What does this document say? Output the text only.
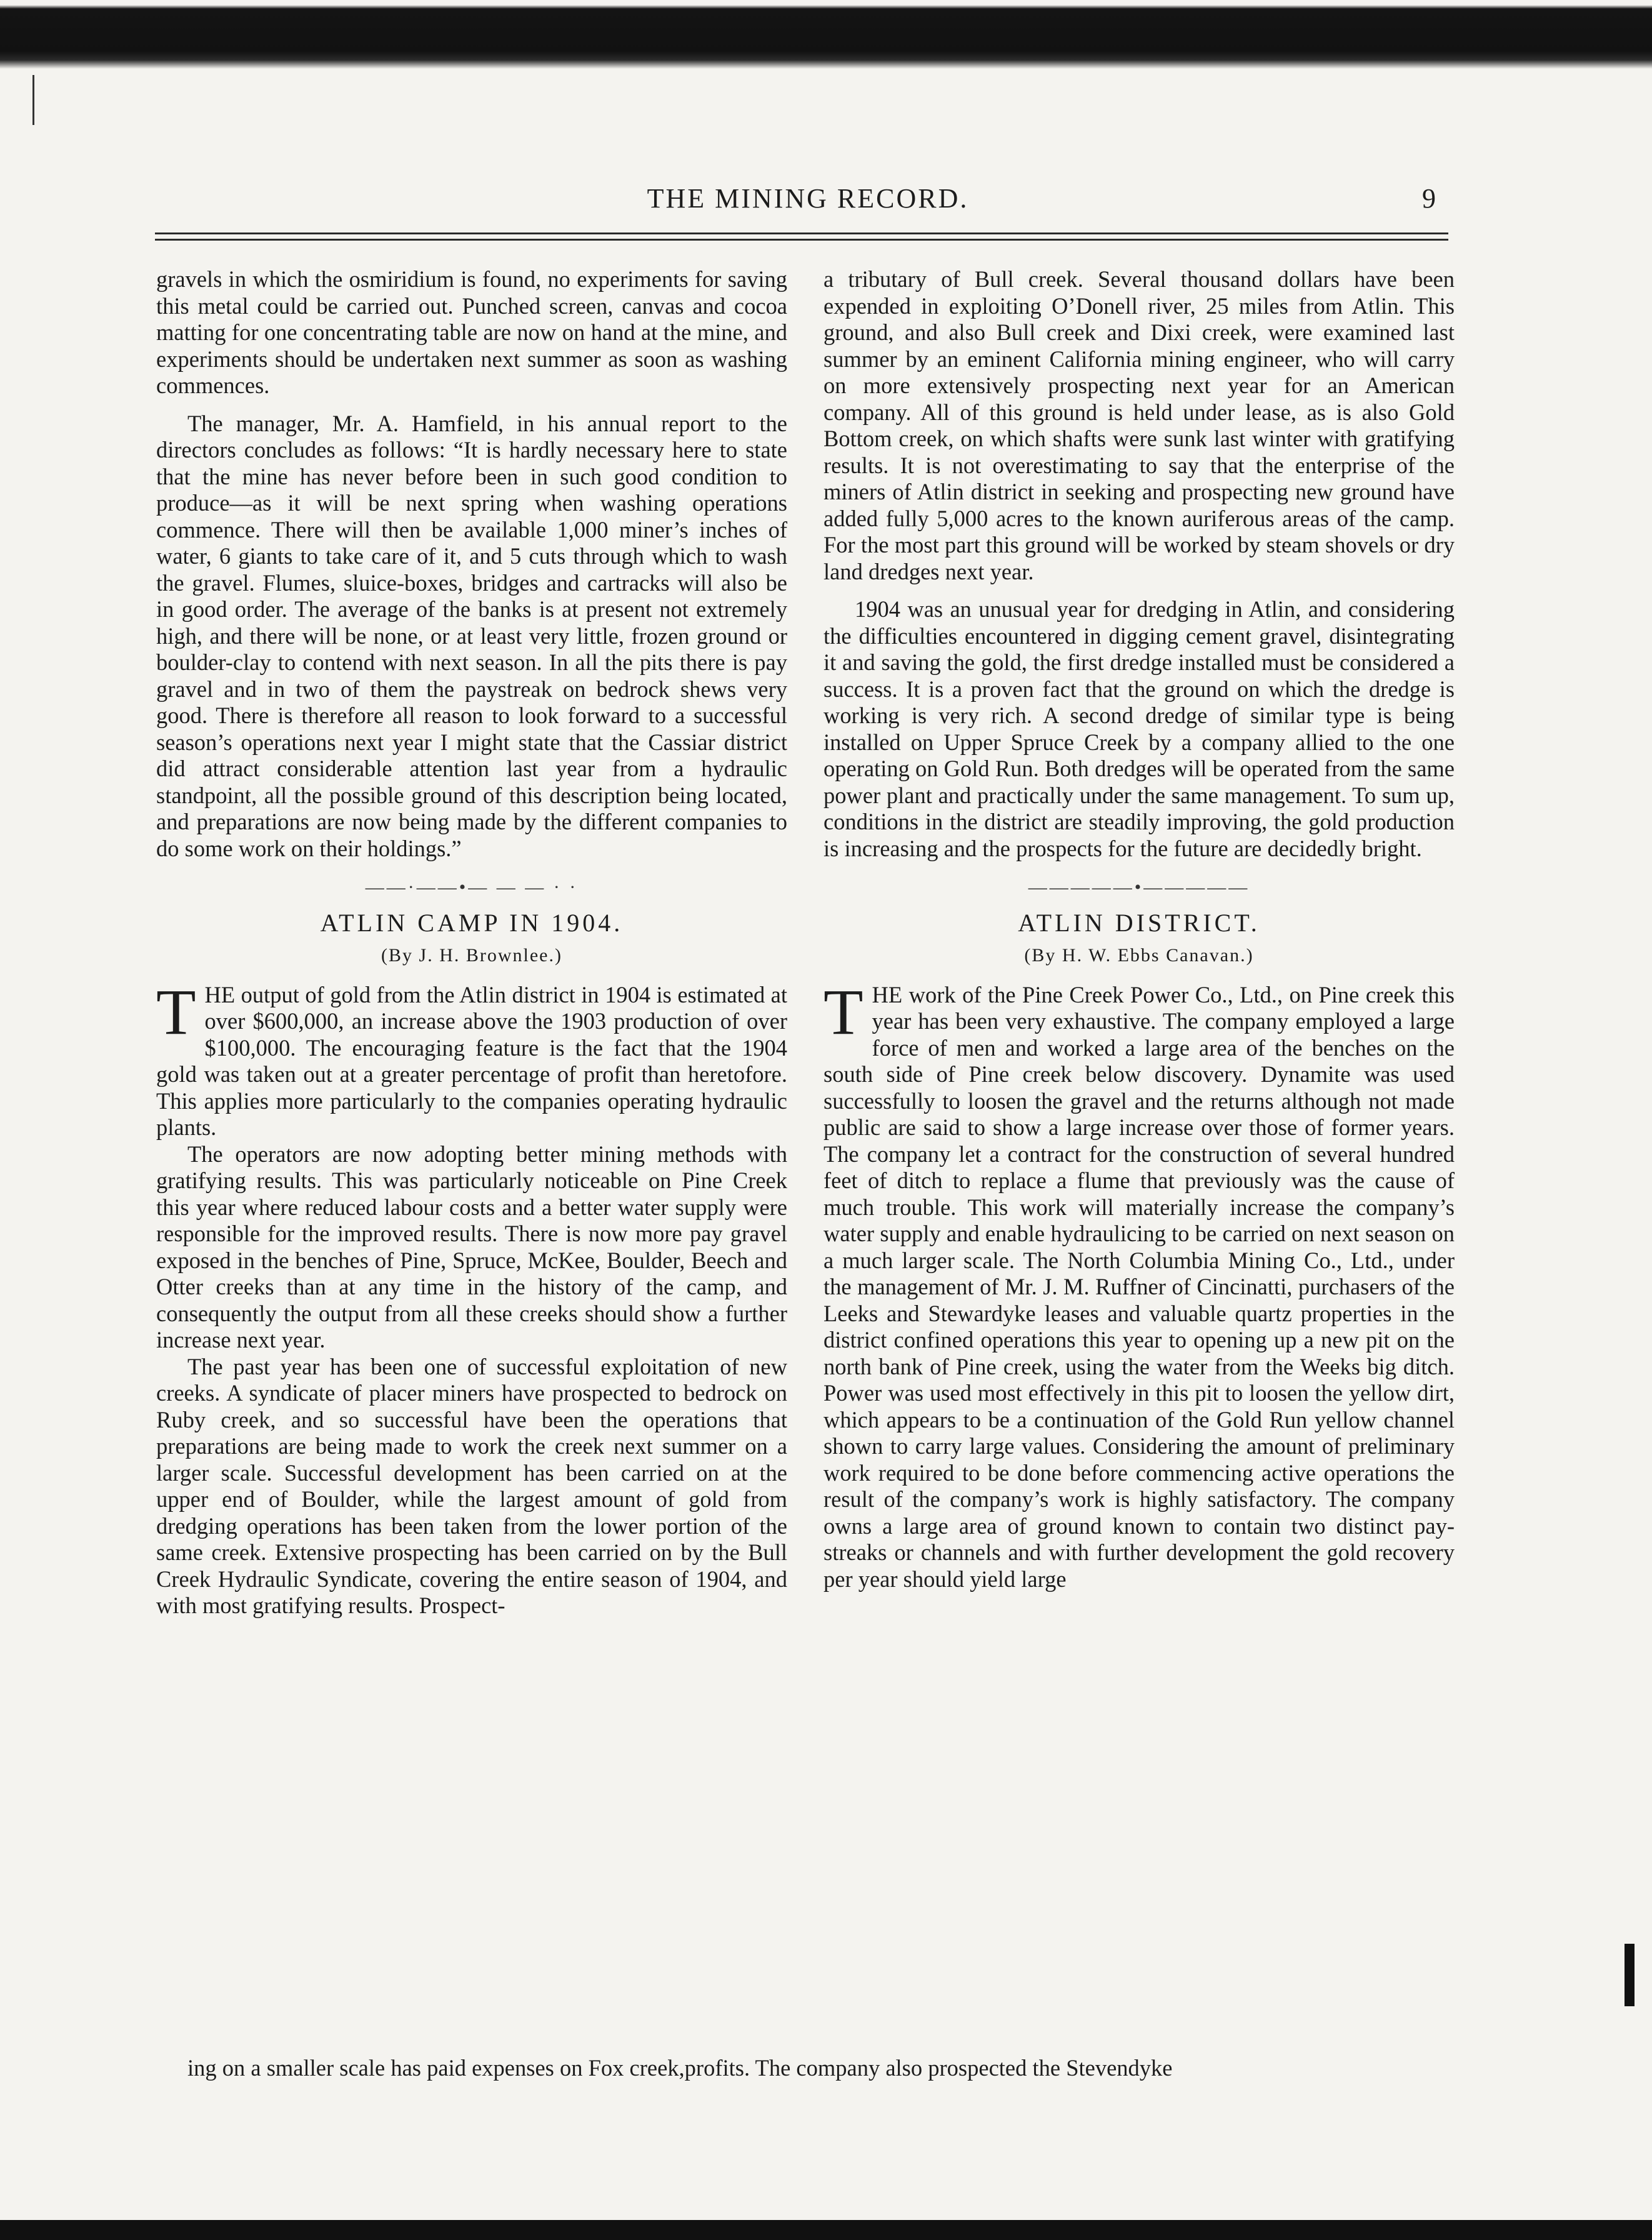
THE MINING RECORD.	9

gravels in which the osmiridium is found, no experiments for saving this metal could be carried out. Punched screen, canvas and cocoa matting for one concentrating table are now on hand at the mine, and experiments should be undertaken next summer as soon as washing commences.

The manager, Mr. A. Hamfield, in his annual report to the directors concludes as follows: “It is hardly necessary here to state that the mine has never before been in such good condition to produce—as it will be next spring when washing operations commence. There will then be available 1,000 miner’s inches of water, 6 giants to take care of it, and 5 cuts through which to wash the gravel. Flumes, sluice-boxes, bridges and cartracks will also be in good order. The average of the banks is at present not extremely high, and there will be none, or at least very little, frozen ground or boulder-clay to contend with next season. In all the pits there is pay gravel and in two of them the paystreak on bedrock shews very good. There is therefore all reason to look forward to a successful season’s operations next year I might state that the Cassiar district did attract considerable attention last year from a hydraulic standpoint, all the possible ground of this description being located, and preparations are now being made by the different companies to do some work on their holdings.”

——·——•— — — · ·
ATLIN CAMP IN 1904.
(By J. H. Brownlee.)

THE output of gold from the Atlin district in 1904 is estimated at over $600,000, an increase above the 1903 production of over $100,000. The encouraging feature is the fact that the 1904 gold was taken out at a greater percentage of profit than heretofore. This applies more particularly to the companies operating hydraulic plants.

The operators are now adopting better mining methods with gratifying results. This was particularly noticeable on Pine Creek this year where reduced labour costs and a better water supply were responsible for the improved results. There is now more pay gravel exposed in the benches of Pine, Spruce, McKee, Boulder, Beech and Otter creeks than at any time in the history of the camp, and consequently the output from all these creeks should show a further increase next year.

The past year has been one of successful exploitation of new creeks. A syndicate of placer miners have prospected to bedrock on Ruby creek, and so successful have been the operations that preparations are being made to work the creek next summer on a larger scale. Successful development has been carried on at the upper end of Boulder, while the largest amount of gold from dredging operations has been taken from the lower portion of the same creek. Extensive prospecting has been carried on by the Bull Creek Hydraulic Syndicate, covering the entire season of 1904, and with most gratifying results. Prospect-

a tributary of Bull creek. Several thousand dollars have been expended in exploiting O’Donell river, 25 miles from Atlin. This ground, and also Bull creek and Dixi creek, were examined last summer by an eminent California mining engineer, who will carry on more extensively prospecting next year for an American company. All of this ground is held under lease, as is also Gold Bottom creek, on which shafts were sunk last winter with gratifying results. It is not overestimating to say that the enterprise of the miners of Atlin district in seeking and prospecting new ground have added fully 5,000 acres to the known auriferous areas of the camp. For the most part this ground will be worked by steam shovels or dry land dredges next year.

1904 was an unusual year for dredging in Atlin, and considering the difficulties encountered in digging cement gravel, disintegrating it and saving the gold, the first dredge installed must be considered a success. It is a proven fact that the ground on which the dredge is working is very rich. A second dredge of similar type is being installed on Upper Spruce Creek by a company allied to the one operating on Gold Run. Both dredges will be operated from the same power plant and practically under the same management. To sum up, conditions in the district are steadily improving, the gold production is increasing and the prospects for the future are decidedly bright.

—————•—————
ATLIN DISTRICT.
(By H. W. Ebbs Canavan.)

THE work of the Pine Creek Power Co., Ltd., on Pine creek this year has been very exhaustive. The company employed a large force of men and worked a large area of the benches on the south side of Pine creek below discovery. Dynamite was used successfully to loosen the gravel and the returns although not made public are said to show a large increase over those of former years. The company let a contract for the construction of several hundred feet of ditch to replace a flume that previously was the cause of much trouble. This work will materially increase the company’s water supply and enable hydraulicing to be carried on next season on a much larger scale. The North Columbia Mining Co., Ltd., under the management of Mr. J. M. Ruffner of Cincinatti, purchasers of the Leeks and Stewardyke leases and valuable quartz properties in the district confined operations this year to opening up a new pit on the north bank of Pine creek, using the water from the Weeks big ditch. Power was used most effectively in this pit to loosen the yellow dirt, which appears to be a continuation of the Gold Run yellow channel shown to carry large values. Considering the amount of preliminary work required to be done before commencing active operations the result of the company’s work is highly satisfactory. The company owns a large area of ground known to contain two distinct pay-streaks or channels and with further development the gold recovery per year should yield large

ing on a smaller scale has paid expenses on Fox creek,profits. The company also prospected the Stevendyke
